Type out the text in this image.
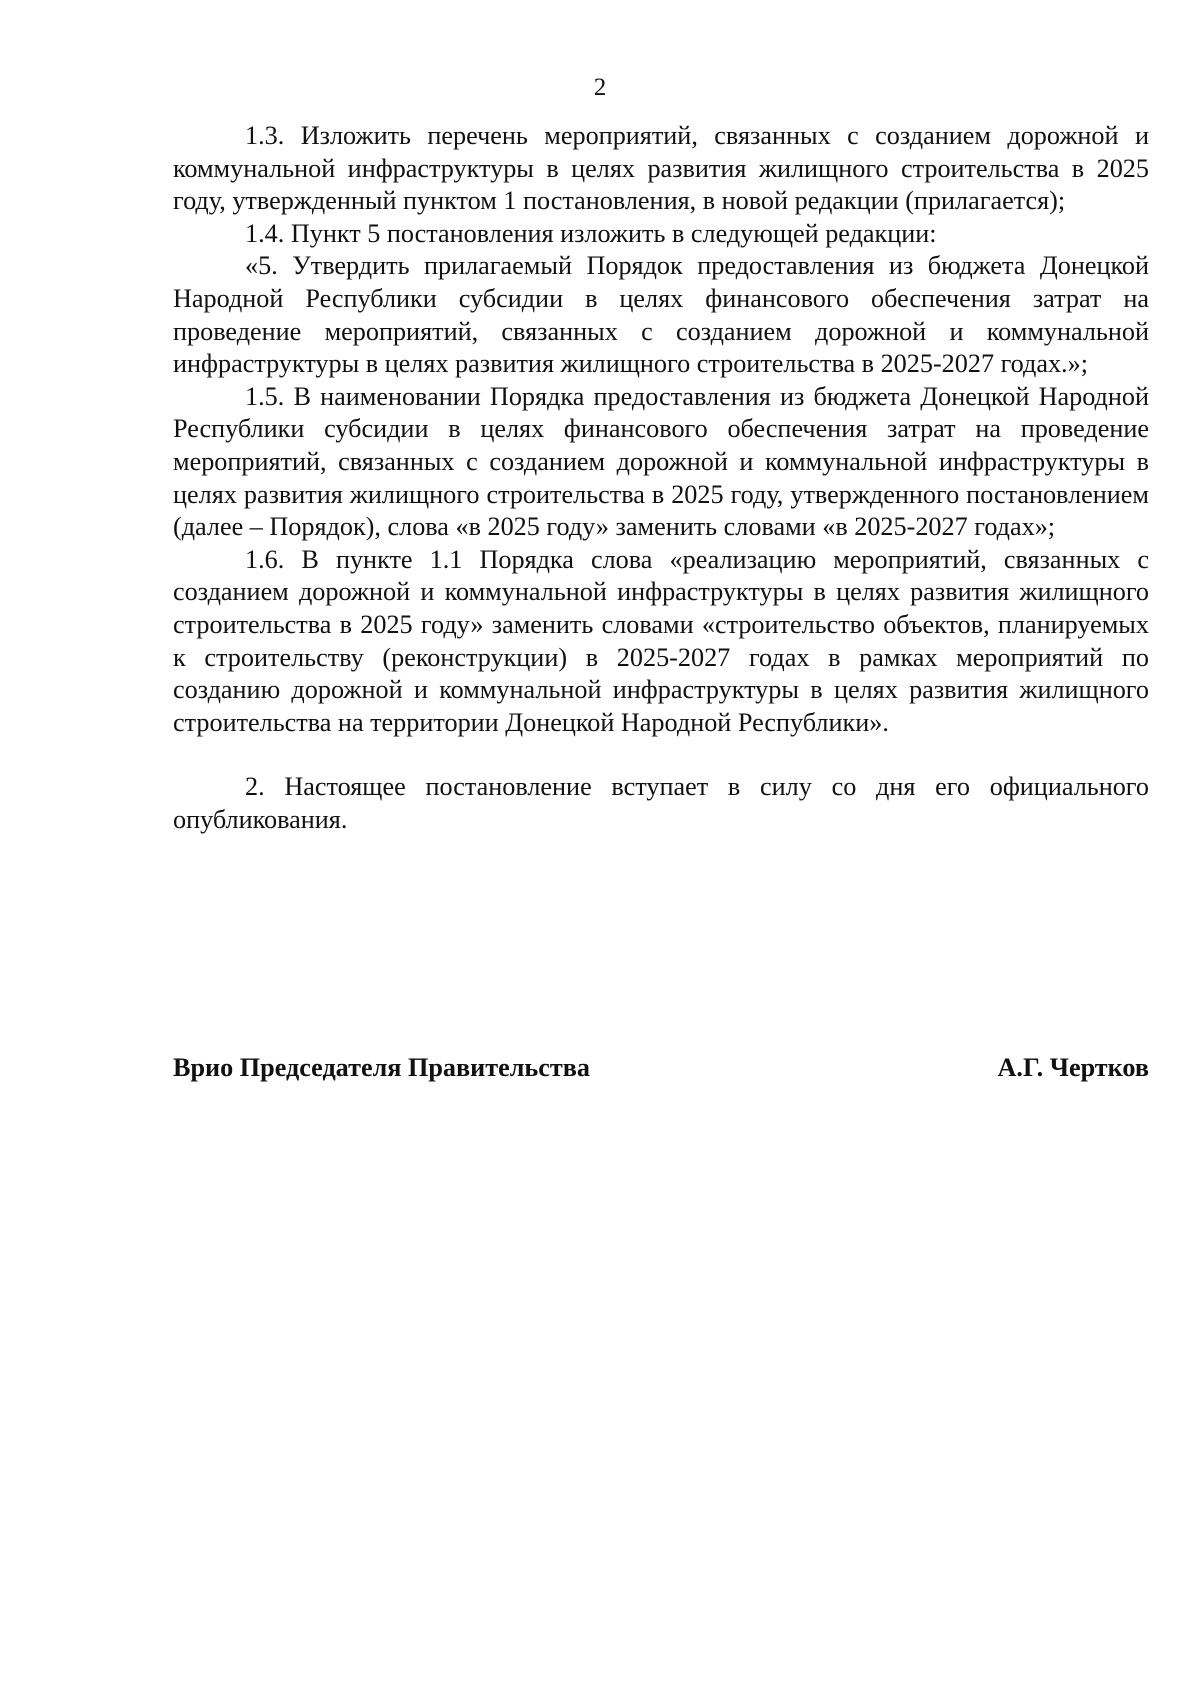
2

1.3. Изложить перечень мероприятий, связанных с созданием дорожной и коммунальной инфраструктуры в целях развития жилищного строительства в 2025 году, утвержденный пунктом 1 постановления, в новой редакции (прилагается);

1.4. Пункт 5 постановления изложить в следующей редакции:

«5. Утвердить прилагаемый Порядок предоставления из бюджета Донецкой Народной Республики субсидии в целях финансового обеспечения затрат на проведение мероприятий, связанных с созданием дорожной и коммунальной инфраструктуры в целях развития жилищного строительства в 2025-2027 годах.»;

1.5. В наименовании Порядка предоставления из бюджета Донецкой Народной Республики субсидии в целях финансового обеспечения затрат на проведение мероприятий, связанных с созданием дорожной и коммунальной инфраструктуры в целях развития жилищного строительства в 2025 году, утвержденного постановлением (далее – Порядок), слова «в 2025 году» заменить словами «в 2025-2027 годах»;

1.6. В пункте 1.1 Порядка слова «реализацию мероприятий, связанных с созданием дорожной и коммунальной инфраструктуры в целях развития жилищного строительства в 2025 году» заменить словами «строительство объектов, планируемых к строительству (реконструкции) в 2025-2027 годах в рамках мероприятий по созданию дорожной и коммунальной инфраструктуры в целях развития жилищного строительства на территории Донецкой Народной Республики».

2. Настоящее постановление вступает в силу со дня его официального опубликования.

Врио Председателя Правительства	А.Г. Чертков
